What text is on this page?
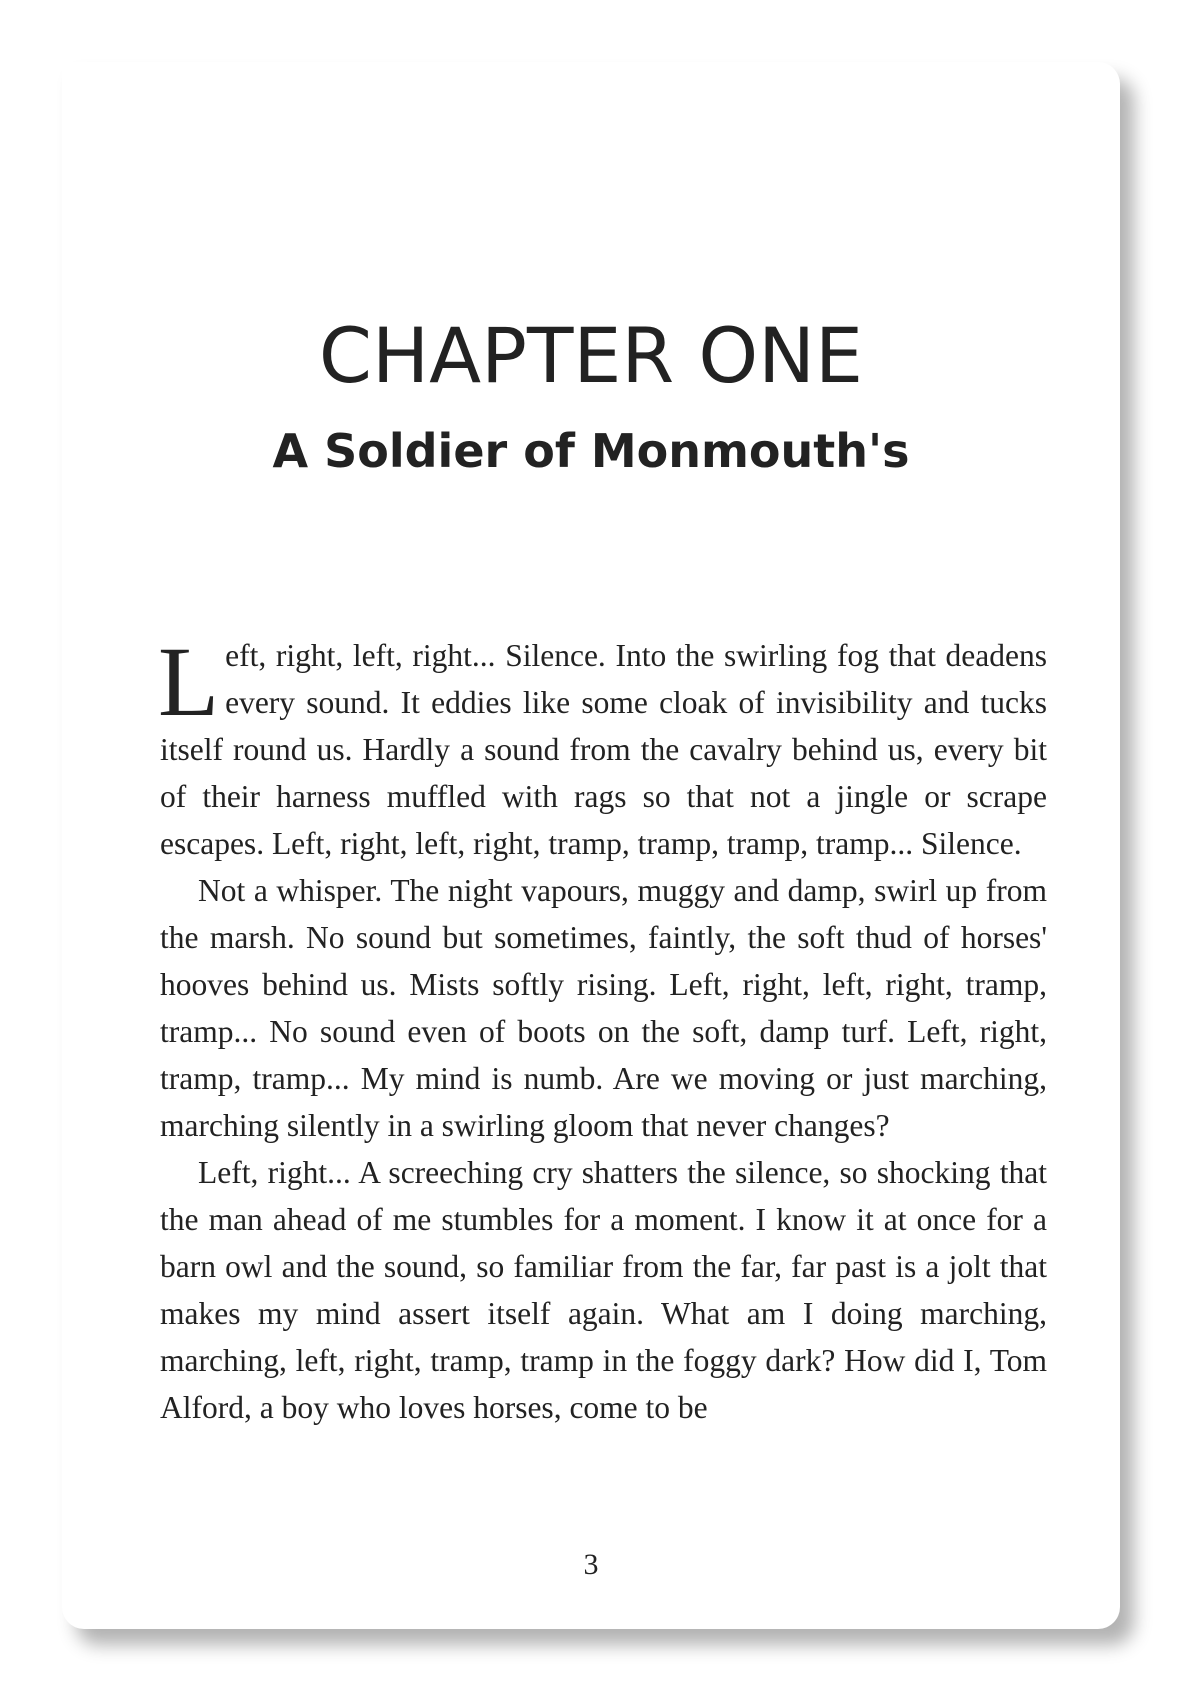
CHAPTER ONE
A Soldier of Monmouth's

Left, right, left, right... Silence. Into the swirling fog that deadens every sound. It eddies like some cloak of invisibility and tucks itself round us. Hardly a sound from the cavalry behind us, every bit of their harness muffled with rags so that not a jingle or scrape escapes. Left, right, left, right, tramp, tramp, tramp, tramp... Silence.

Not a whisper. The night vapours, muggy and damp, swirl up from the marsh. No sound but sometimes, faintly, the soft thud of horses' hooves behind us. Mists softly rising. Left, right, left, right, tramp, tramp... No sound even of boots on the soft, damp turf. Left, right, tramp, tramp... My mind is numb. Are we moving or just marching, marching silently in a swirling gloom that never changes?

Left, right... A screeching cry shatters the silence, so shocking that the man ahead of me stumbles for a moment. I know it at once for a barn owl and the sound, so familiar from the far, far past is a jolt that makes my mind assert itself again. What am I doing marching, marching, left, right, tramp, tramp in the foggy dark? How did I, Tom Alford, a boy who loves horses, come to be

3
